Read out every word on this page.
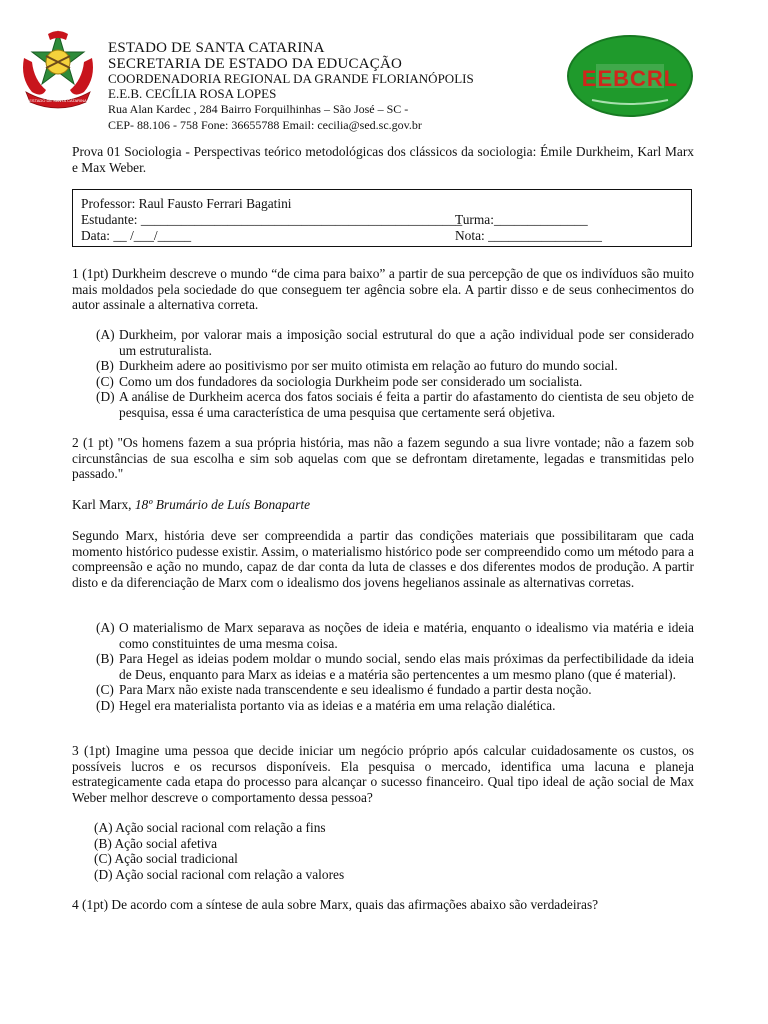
ESTADO DE SANTA CATARINA
ESTADO DE SANTA CATARINA
SECRETARIA DE ESTADO DA EDUCAÇÃO
COORDENADORIA REGIONAL DA GRANDE FLORIANÓPOLIS
E.E.B. CECÍLIA ROSA LOPES
Rua Alan Kardec , 284 Bairro Forquilhinhas – São José – SC -
CEP- 88.106 - 758 Fone: 36655788 Email: cecilia@sed.sc.gov.br
EEBCRL
Prova 01 Sociologia - Perspectivas teórico metodológicas dos clássicos da sociologia: Émile Durkheim, Karl Marx e Max Weber.
Professor: Raul Fausto Ferrari Bagatini
Estudante: ________________________________________________
Turma:______________
Data: __ /___/_____	Nota: _________________
1 (1pt) Durkheim descreve o mundo “de cima para baixo” a partir de sua percepção de que os indivíduos são muito mais moldados pela sociedade do que conseguem ter agência sobre ela. A partir disso e de seus conhecimentos do autor assinale a alternativa correta.
(A) Durkheim, por valorar mais a imposição social estrutural do que a ação individual pode ser considerado um estruturalista.
(B) Durkheim adere ao positivismo por ser muito otimista em relação ao futuro do mundo social.
(C) Como um dos fundadores da sociologia Durkheim pode ser considerado um socialista.
(D) A análise de Durkheim acerca dos fatos sociais é feita a partir do afastamento do cientista de seu objeto de pesquisa, essa é uma característica de uma pesquisa que certamente será objetiva.
2 (1 pt) "Os homens fazem a sua própria história, mas não a fazem segundo a sua livre vontade; não a fazem sob circunstâncias de sua escolha e sim sob aquelas com que se defrontam diretamente, legadas e transmitidas pelo passado."
Karl Marx, 18º Brumário de Luís Bonaparte
Segundo Marx, história deve ser compreendida a partir das condições materiais que possibilitaram que cada momento histórico pudesse existir. Assim, o materialismo histórico pode ser compreendido como um método para a compreensão e ação no mundo, capaz de dar conta da luta de classes e dos diferentes modos de produção. A partir disto e da diferenciação de Marx com o idealismo dos jovens hegelianos assinale as alternativas corretas.
(A) O materialismo de Marx separava as noções de ideia e matéria, enquanto o idealismo via matéria e ideia como constituintes de uma mesma coisa.
(B) Para Hegel as ideias podem moldar o mundo social, sendo elas mais próximas da perfectibilidade da ideia de Deus, enquanto para Marx as ideias e a matéria são pertencentes a um mesmo plano (que é material).
(C) Para Marx não existe nada transcendente e seu idealismo é fundado a partir desta noção.
(D) Hegel era materialista portanto via as ideias e a matéria em uma relação dialética.
3 (1pt) Imagine uma pessoa que decide iniciar um negócio próprio após calcular cuidadosamente os custos, os possíveis lucros e os recursos disponíveis. Ela pesquisa o mercado, identifica uma lacuna e planeja estrategicamente cada etapa do processo para alcançar o sucesso financeiro. Qual tipo ideal de ação social de Max Weber melhor descreve o comportamento dessa pessoa?
(A) Ação social racional com relação a fins
(B) Ação social afetiva
(C) Ação social tradicional
(D) Ação social racional com relação a valores
4 (1pt) De acordo com a síntese de aula sobre Marx, quais das afirmações abaixo são verdadeiras?
